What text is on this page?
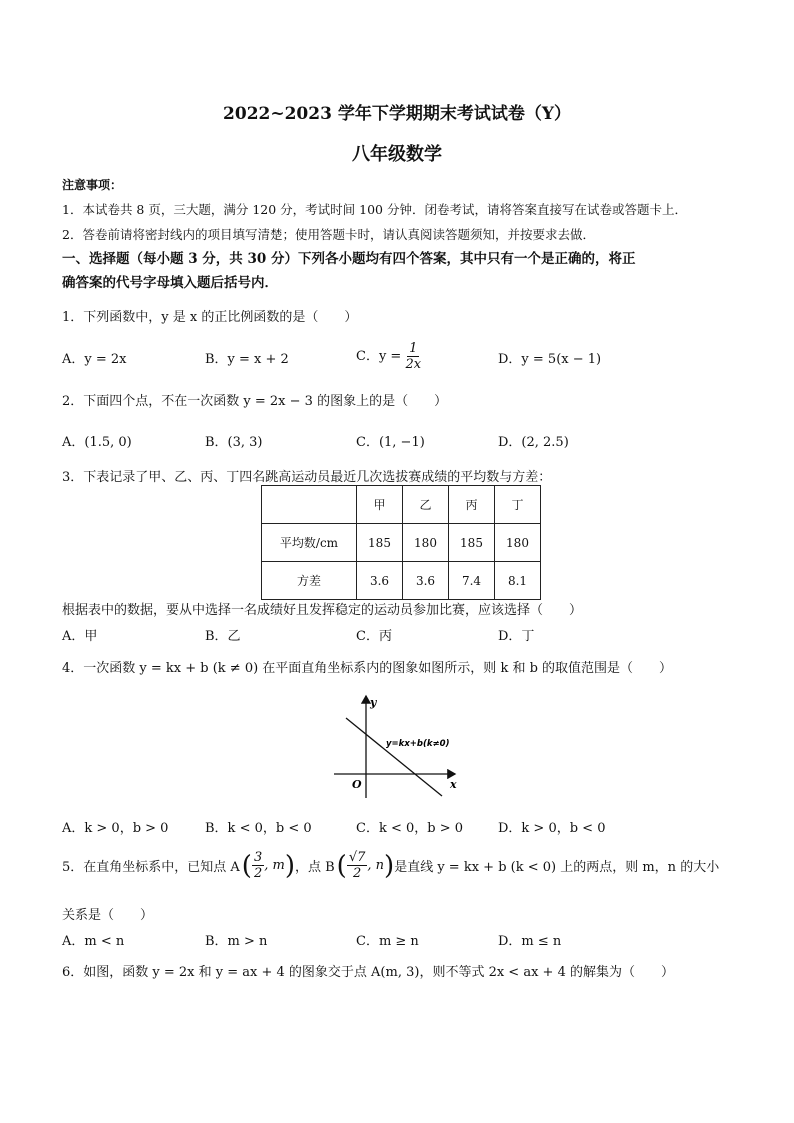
2022~2023 学年下学期期末考试试卷（Y）
八年级数学
注意事项：
1．本试卷共 8 页，三大题，满分 120 分，考试时间 100 分钟．闭卷考试，请将答案直接写在试卷或答题卡上．
2．答卷前请将密封线内的项目填写清楚；使用答题卡时，请认真阅读答题须知，并按要求去做．
一、选择题（每小题 3 分，共 30 分）下列各小题均有四个答案，其中只有一个是正确的，将正
确答案的代号字母填入题后括号内．
1．下列函数中，y 是 x 的正比例函数的是（　　）
A．y = 2x	B．y = x + 2	C．$y = \frac{1}{2x}$	D．y = 5(x − 1)
2．下面四个点，不在一次函数 y = 2x − 3 的图象上的是（　　）
A．(1.5, 0)	B．(3, 3)	C．(1, −1)	D．(2, 2.5)
3．下表记录了甲、乙、丙、丁四名跳高运动员最近几次选拔赛成绩的平均数与方差：
	甲	乙	丙	丁
平均数/cm	185	180	185	180
方差	3.6	3.6	7.4	8.1
根据表中的数据，要从中选择一名成绩好且发挥稳定的运动员参加比赛，应该选择（　　）
A．甲	B．乙	C．丙	D．丁
4．一次函数 y = kx + b (k ≠ 0) 在平面直角坐标系内的图象如图所示，则 k 和 b 的取值范围是（　　）
y
x
O
y=kx+b(k≠0)
A．k > 0，b > 0	B．k < 0，b < 0	C．k < 0，b > 0	D．k > 0，b < 0
5．在直角坐标系中，已知点 A ( $\frac{3}{2}$ , m ) ，点 B ( $\frac{√7}{2}$ , n ) 是直线 y = kx + b (k < 0) 上的两点，则 m，n 的大小
关系是（　　）
A．m < n	B．m > n	C．m ≥ n	D．m ≤ n
6．如图，函数 y = 2x 和 y = ax + 4 的图象交于点 A(m, 3)，则不等式 2x < ax + 4 的解集为（　　）
